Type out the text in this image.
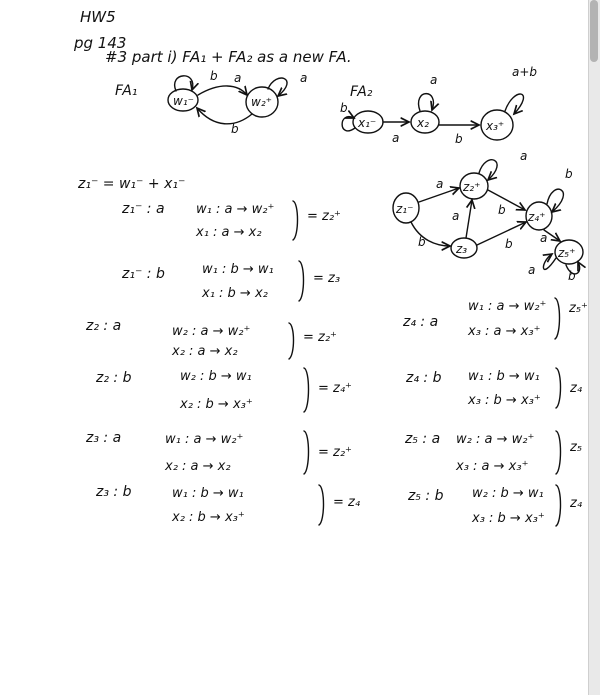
HW5
pg 143
#3 part i) FA₁ + FA₂ as a new FA.
FA₁
w₁⁻	w₂⁺
b a
b
a
FA₂
x₁⁻	x₂	x₃⁺
b
a
a
b
a+b
z₁⁻ = w₁⁻ + x₁⁻
z₁⁻
z₂⁺
z₃
z₄⁺
z₅⁺
a
a
a
b
b
b
b
a
a	b
z₁⁻ : a w₁ : a → w₂⁺
x₁ : a → x₂
= z₂⁺
z₁⁻ : b	w₁ : b → w₁
x₁ : b → x₂
= z₃
z₂ : a	w₂ : a → w₂⁺
x₂ : a → x₂
= z₂⁺
z₂ : b	w₂ : b → w₁
x₂ : b → x₃⁺
= z₄⁺
z₃ : a	w₁ : a → w₂⁺
x₂ : a → x₂
= z₂⁺
z₃ : b	w₁ : b → w₁
x₂ : b → x₃⁺
= z₄
z₄ : a
w₁ : a → w₂⁺
x₃ : a → x₃⁺
z₅⁺
z₄ : b w₁ : b → w₁
x₃ : b → x₃⁺
z₄
z₅ : a w₂ : a → w₂⁺
x₃ : a → x₃⁺
z₅
z₅ : b w₂ : b → w₁
x₃ : b → x₃⁺
z₄
